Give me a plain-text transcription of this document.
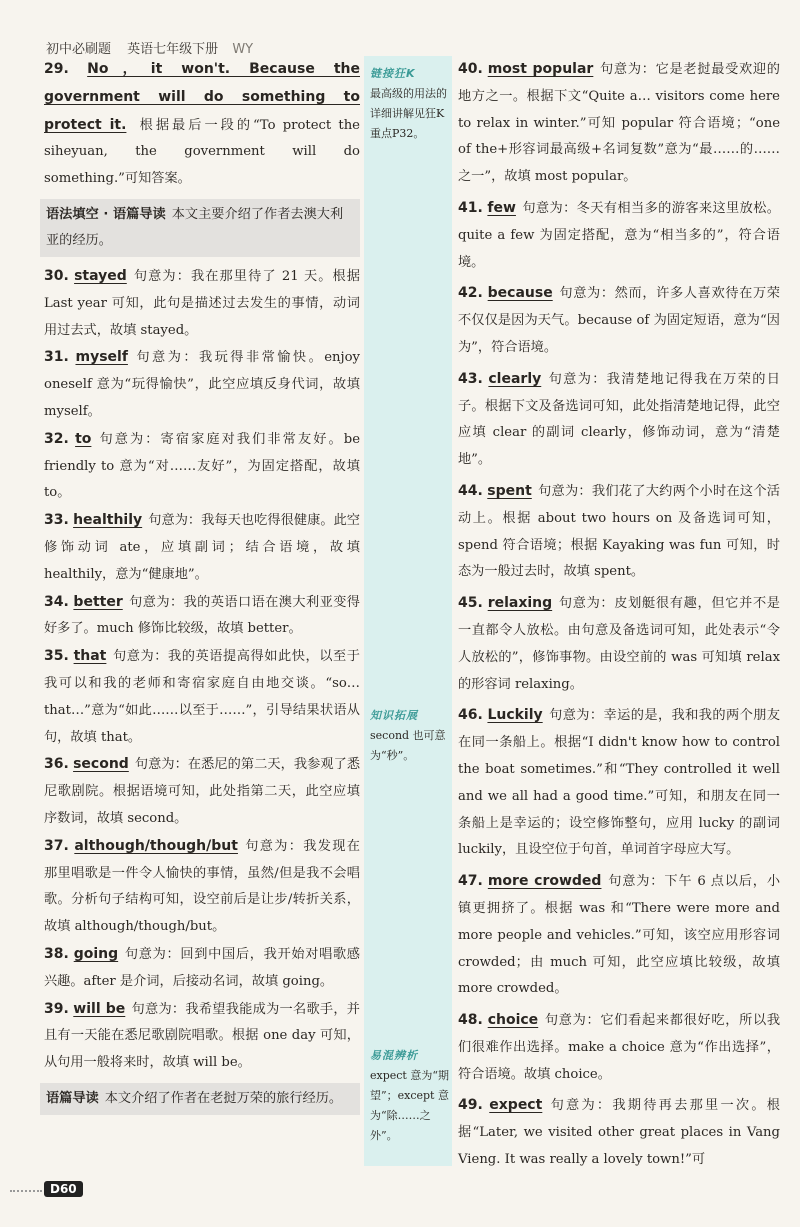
初中必刷题 英语七年级下册 WY

29. No，it won't. Because the government will do something to protect it. 根据最后一段的“To protect the siheyuan, the government will do something.”可知答案。

语法填空 · 语篇导读 本文主要介绍了作者去澳大利亚的经历。

30. stayed 句意为：我在那里待了 21 天。根据 Last year 可知，此句是描述过去发生的事情，动词用过去式，故填 stayed。

31. myself 句意为：我玩得非常愉快。enjoy oneself 意为“玩得愉快”，此空应填反身代词，故填 myself。

32. to 句意为：寄宿家庭对我们非常友好。be friendly to 意为“对……友好”，为固定搭配，故填 to。

33. healthily 句意为：我每天也吃得很健康。此空修饰动词 ate，应填副词；结合语境，故填 healthily，意为“健康地”。

34. better 句意为：我的英语口语在澳大利亚变得好多了。much 修饰比较级，故填 better。

35. that 句意为：我的英语提高得如此快，以至于我可以和我的老师和寄宿家庭自由地交谈。“so… that…”意为“如此……以至于……”，引导结果状语从句，故填 that。

36. second 句意为：在悉尼的第二天，我参观了悉尼歌剧院。根据语境可知，此处指第二天，此空应填序数词，故填 second。

37. although/though/but 句意为：我发现在那里唱歌是一件令人愉快的事情，虽然/但是我不会唱歌。分析句子结构可知，设空前后是让步/转折关系，故填 although/though/but。

38. going 句意为：回到中国后，我开始对唱歌感兴趣。after 是介词，后接动名词，故填 going。

39. will be 句意为：我希望我能成为一名歌手，并且有一天能在悉尼歌剧院唱歌。根据 one day 可知，从句用一般将来时，故填 will be。

语篇导读 本文介绍了作者在老挝万荣的旅行经历。
链接狂K
最高级的用法的详细讲解见狂K重点P32。
知识拓展
second 也可意为“秒”。
易混辨析
expect 意为“期望”；except 意为“除……之外”。

40. most popular 句意为：它是老挝最受欢迎的地方之一。根据下文“Quite a… visitors come here to relax in winter.”可知 popular 符合语境；“one of the+形容词最高级+名词复数”意为“最……的……之一”，故填 most popular。

41. few 句意为：冬天有相当多的游客来这里放松。quite a few 为固定搭配，意为“相当多的”，符合语境。

42. because 句意为：然而，许多人喜欢待在万荣不仅仅是因为天气。because of 为固定短语，意为“因为”，符合语境。

43. clearly 句意为：我清楚地记得我在万荣的日子。根据下文及备选词可知，此处指清楚地记得，此空应填 clear 的副词 clearly，修饰动词，意为“清楚地”。

44. spent 句意为：我们花了大约两个小时在这个活动上。根据 about two hours on 及备选词可知，spend 符合语境；根据 Kayaking was fun 可知，时态为一般过去时，故填 spent。

45. relaxing 句意为：皮划艇很有趣，但它并不是一直都令人放松。由句意及备选词可知，此处表示“令人放松的”，修饰事物。由设空前的 was 可知填 relax 的形容词 relaxing。

46. Luckily 句意为：幸运的是，我和我的两个朋友在同一条船上。根据“I didn't know how to control the boat sometimes.”和“They controlled it well and we all had a good time.”可知，和朋友在同一条船上是幸运的；设空修饰整句，应用 lucky 的副词 luckily，且设空位于句首，单词首字母应大写。

47. more crowded 句意为：下午 6 点以后，小镇更拥挤了。根据 was 和“There were more and more people and vehicles.”可知，该空应用形容词 crowded；由 much 可知，此空应填比较级，故填 more crowded。

48. choice 句意为：它们看起来都很好吃，所以我们很难作出选择。make a choice 意为“作出选择”，符合语境。故填 choice。

49. expect 句意为：我期待再去那里一次。根据“Later, we visited other great places in Vang Vieng. It was really a lovely town!”可

D60
